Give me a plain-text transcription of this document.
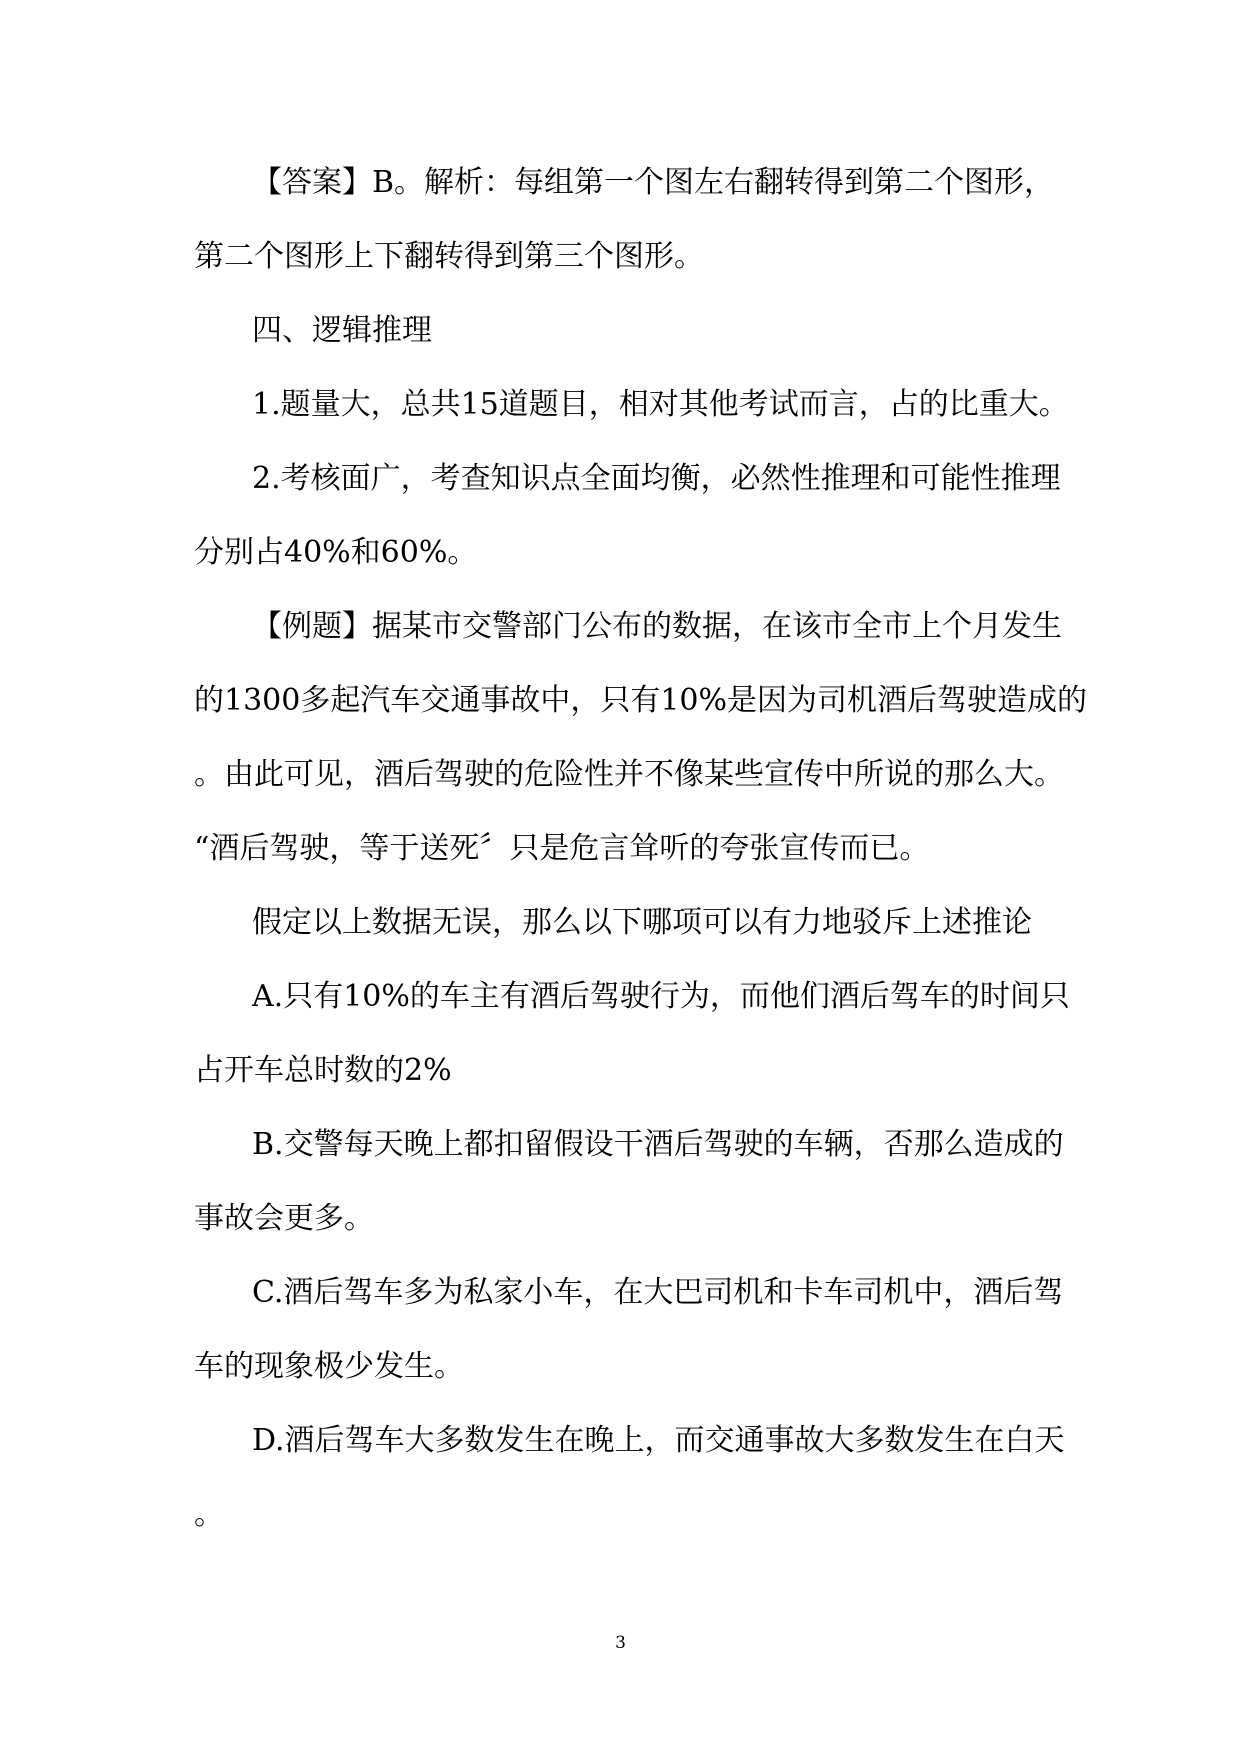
【答案】B。解析：每组第一个图左右翻转得到第二个图形，
第二个图形上下翻转得到第三个图形。
四、逻辑推理
1.题量大，总共15道题目，相对其他考试而言，占的比重大。
2.考核面广，考查知识点全面均衡，必然性推理和可能性推理
分别占40%和60%。
【例题】据某市交警部门公布的数据，在该市全市上个月发生
的1300多起汽车交通事故中，只有10%是因为司机酒后驾驶造成的
。由此可见，酒后驾驶的危险性并不像某些宣传中所说的那么大。
“酒后驾驶，等于送死〞只是危言耸听的夸张宣传而已。
假定以上数据无误，那么以下哪项可以有力地驳斥上述推论
A.只有10%的车主有酒后驾驶行为，而他们酒后驾车的时间只
占开车总时数的2%
B.交警每天晚上都扣留假设干酒后驾驶的车辆，否那么造成的
事故会更多。
C.酒后驾车多为私家小车，在大巴司机和卡车司机中，酒后驾
车的现象极少发生。
D.酒后驾车大多数发生在晚上，而交通事故大多数发生在白天
。
3
